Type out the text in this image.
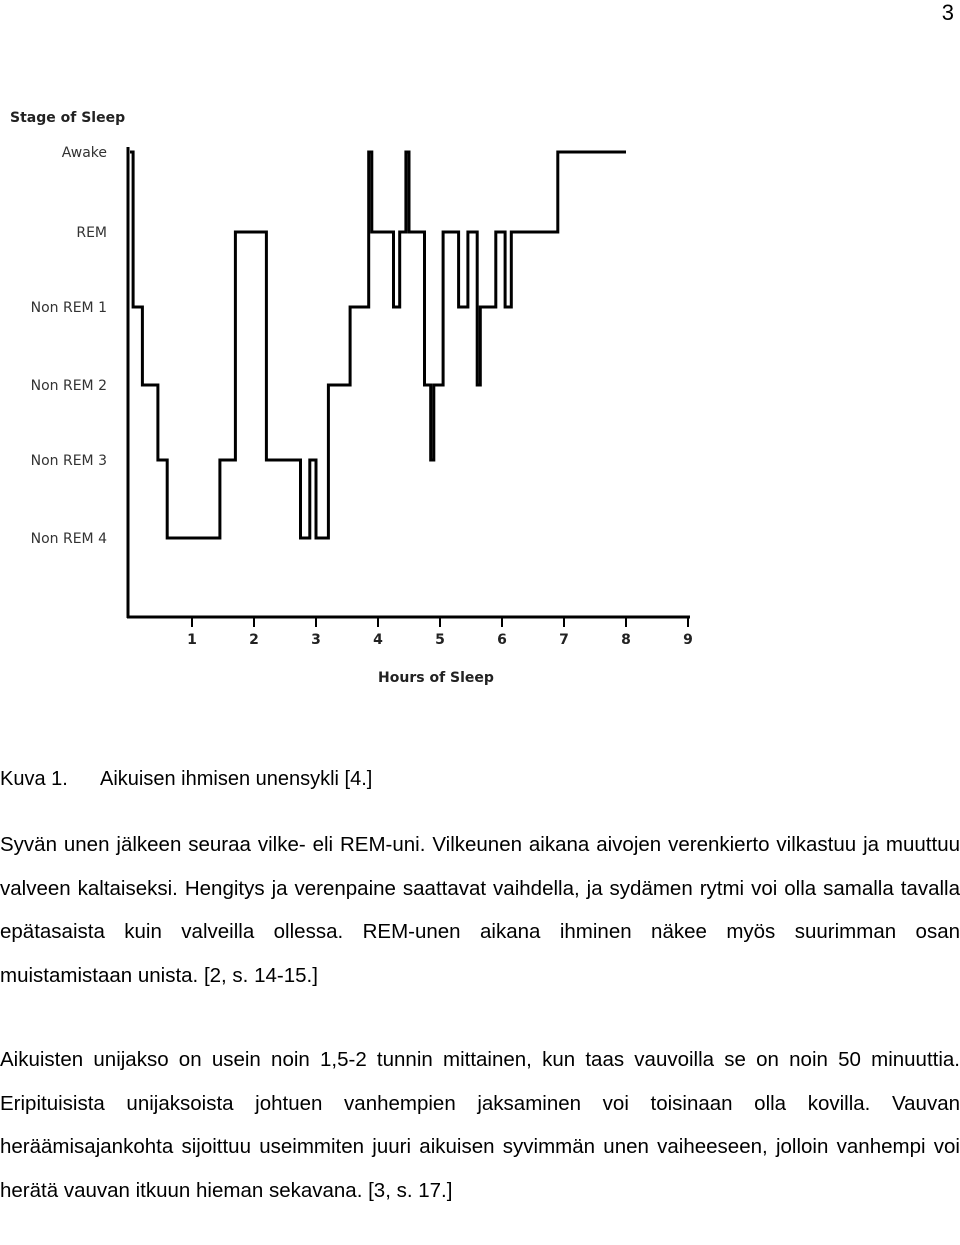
3
Stage of Sleep
Awake
REM
Non REM 1
Non REM 2
Non REM 3
Non REM 4
1	2	3	4	5	6	7	8	9
Hours of Sleep
Kuva 1. Aikuisen ihmisen unensykli [4.]

Syvän unen jälkeen seuraa vilke- eli REM-uni. Vilkeunen aikana aivojen verenkierto vilkastuu ja muuttuu valveen kaltaiseksi. Hengitys ja verenpaine saattavat vaihdella, ja sydämen rytmi voi olla samalla tavalla epätasaista kuin valveilla ollessa. REM-unen aikana ihminen näkee myös suurimman osan muistamistaan unista. [2, s. 14-15.]

Aikuisten unijakso on usein noin 1,5-2 tunnin mittainen, kun taas vauvoilla se on noin 50 minuuttia. Eripituisista unijaksoista johtuen vanhempien jaksaminen voi toisinaan olla kovilla. Vauvan heräämisajankohta sijoittuu useimmiten juuri aikuisen syvimmän unen vaiheeseen, jolloin vanhempi voi herätä vauvan itkuun hieman sekavana. [3, s. 17.]
